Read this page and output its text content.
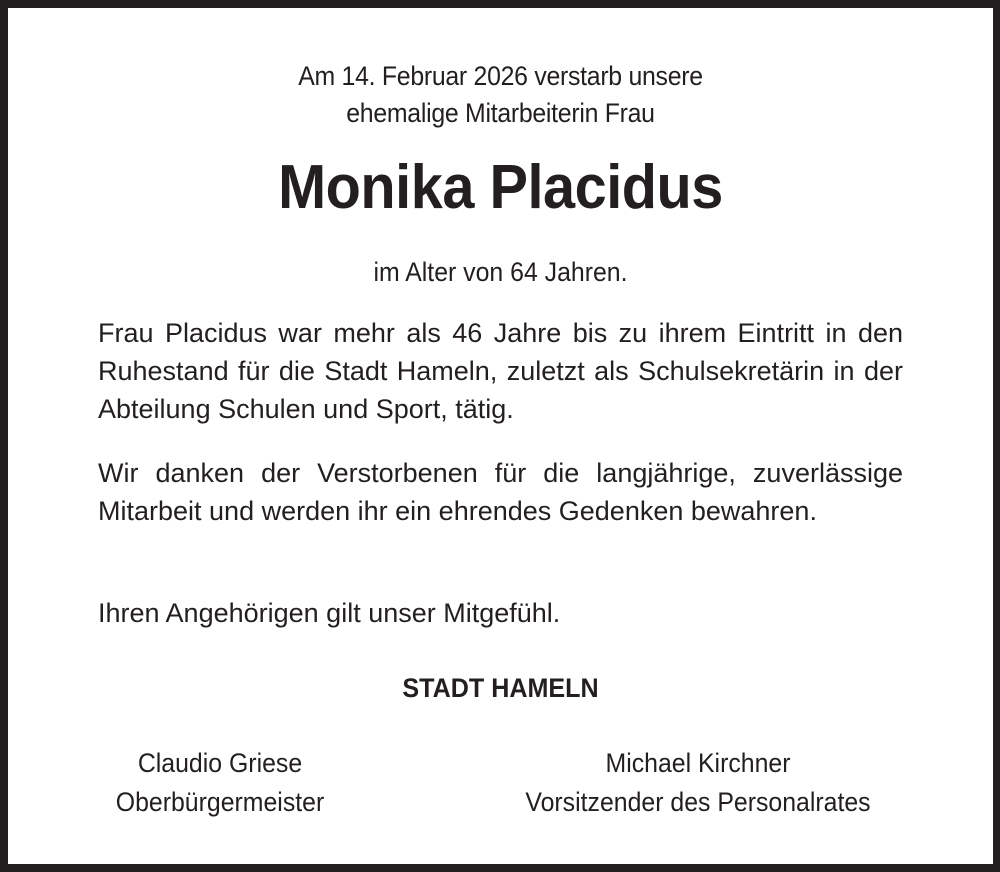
Am 14. Februar 2026 verstarb unsere
ehemalige Mitarbeiterin Frau
Monika Placidus
im Alter von 64 Jahren.
Frau Placidus war mehr als 46 Jahre bis zu ihrem Eintritt in den Ruhestand für die Stadt Hameln, zuletzt als Schulsekretärin in der Abteilung Schulen und Sport, tätig.
Wir danken der Verstorbenen für die langjährige, zuverlässige Mitarbeit und werden ihr ein ehrendes Gedenken bewahren.
Ihren Angehörigen gilt unser Mitgefühl.
STADT HAMELN
Claudio Griese
Oberbürgermeister
Michael Kirchner
Vorsitzender des Personalrates
